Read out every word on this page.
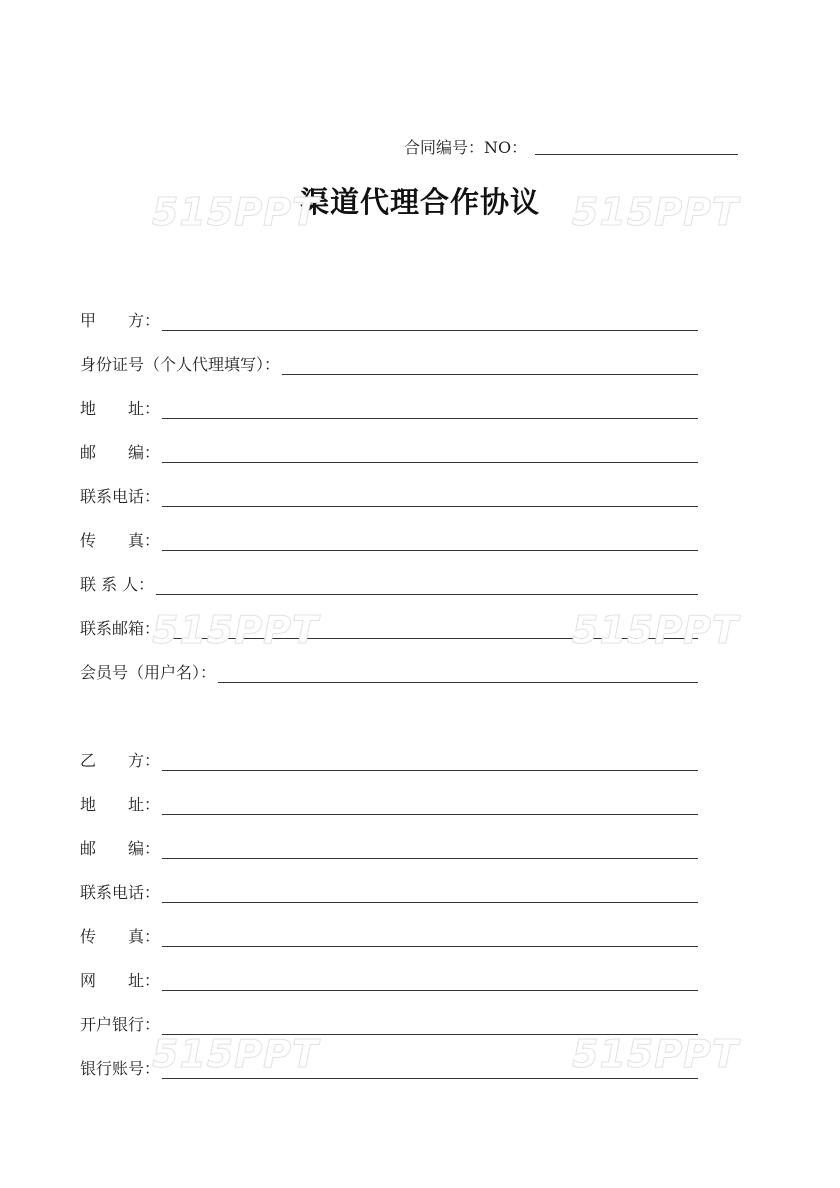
合同编号：NO：
渠道代理合作协议
515PPT	515PPT
515PPT	515PPT
515PPT	515PPT
甲　　方：
身份证号（个人代理填写）：
地　　址：
邮　　编：
联系电话：
传　　真：
联 系 人：
联系邮箱：
会员号（用户名）：
乙　　方：
地　　址：
邮　　编：
联系电话：
传　　真：
网　　址：
开户银行：
银行账号：
